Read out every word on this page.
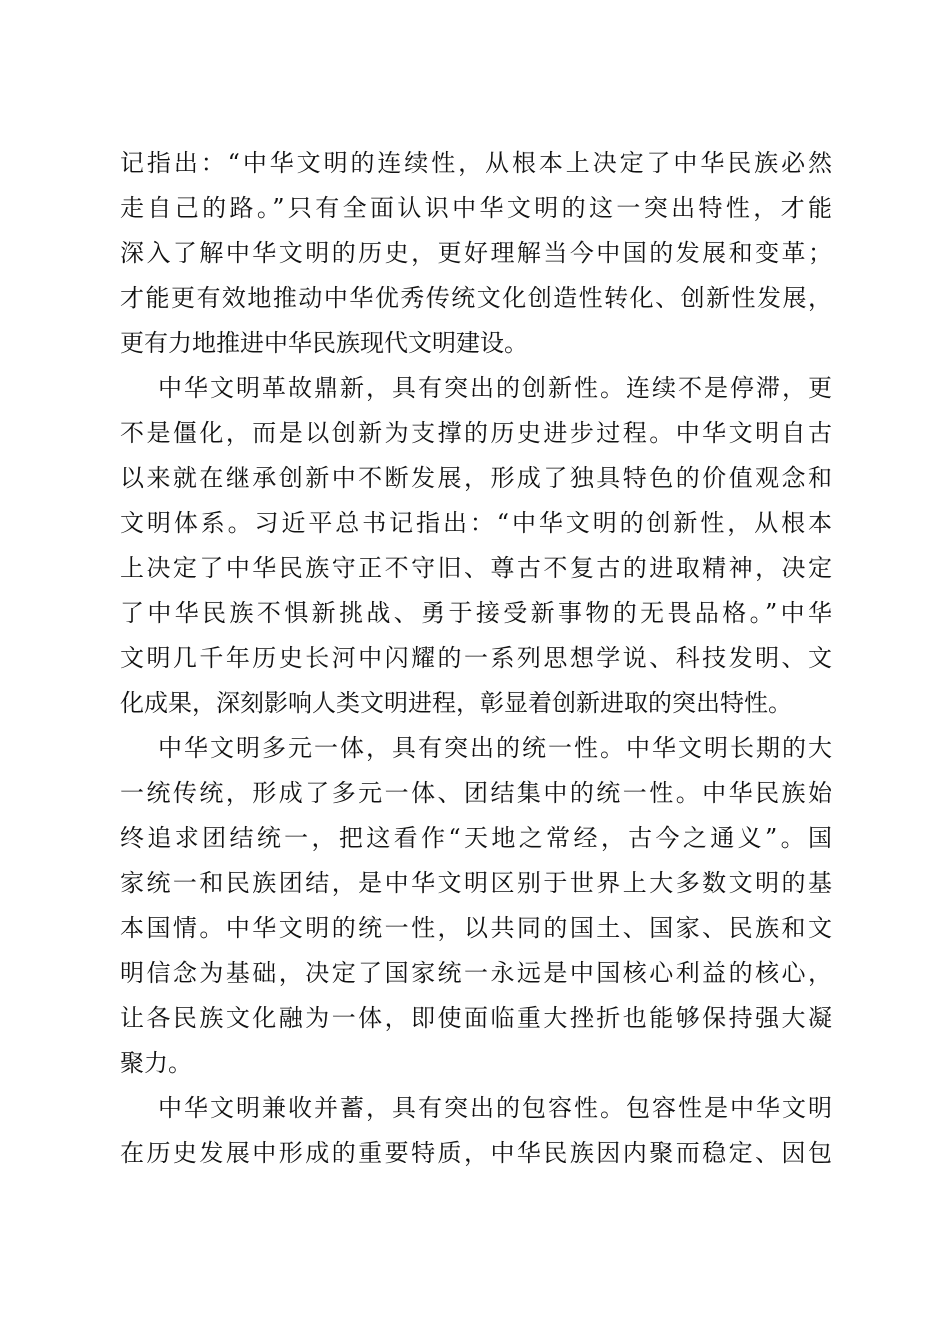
记指出：“中华文明的连续性，从根本上决定了中华民族必然
走自己的路。”只有全面认识中华文明的这一突出特性，才能
深入了解中华文明的历史，更好理解当今中国的发展和变革；
才能更有效地推动中华优秀传统文化创造性转化、创新性发展，
更有力地推进中华民族现代文明建设。
中华文明革故鼎新，具有突出的创新性。连续不是停滞，更
不是僵化，而是以创新为支撑的历史进步过程。中华文明自古
以来就在继承创新中不断发展，形成了独具特色的价值观念和
文明体系。习近平总书记指出：“中华文明的创新性，从根本
上决定了中华民族守正不守旧、尊古不复古的进取精神，决定
了中华民族不惧新挑战、勇于接受新事物的无畏品格。”中华
文明几千年历史长河中闪耀的一系列思想学说、科技发明、文
化成果，深刻影响人类文明进程，彰显着创新进取的突出特性。
中华文明多元一体，具有突出的统一性。中华文明长期的大
一统传统，形成了多元一体、团结集中的统一性。中华民族始
终追求团结统一，把这看作“天地之常经，古今之通义”。国
家统一和民族团结，是中华文明区别于世界上大多数文明的基
本国情。中华文明的统一性，以共同的国土、国家、民族和文
明信念为基础，决定了国家统一永远是中国核心利益的核心，
让各民族文化融为一体，即使面临重大挫折也能够保持强大凝
聚力。
中华文明兼收并蓄，具有突出的包容性。包容性是中华文明
在历史发展中形成的重要特质，中华民族因内聚而稳定、因包
